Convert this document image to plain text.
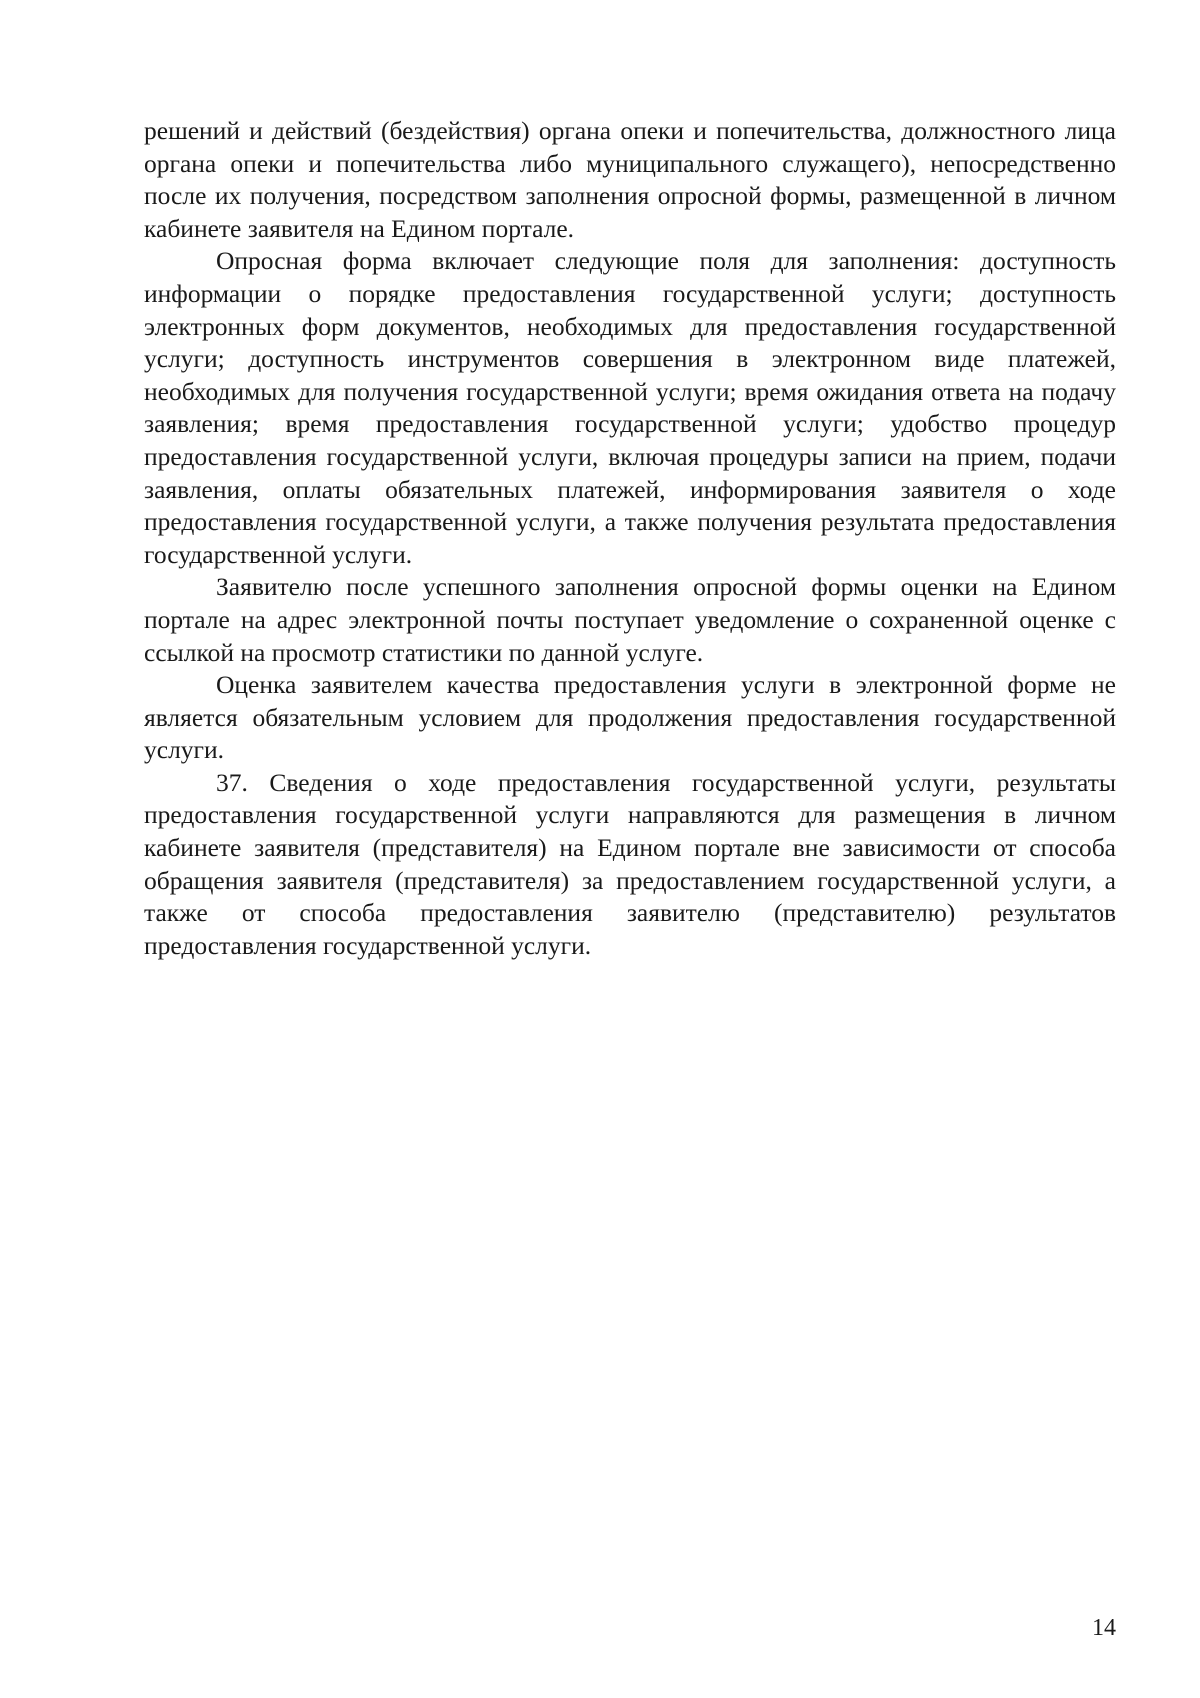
решений и действий (бездействия) органа опеки и попечительства, должностного лица органа опеки и попечительства либо муниципального служащего), непосредственно после их получения, посредством заполнения опросной формы, размещенной в личном кабинете заявителя на Едином портале.

Опросная форма включает следующие поля для заполнения: доступность информации о порядке предоставления государственной услуги; доступность электронных форм документов, необходимых для предоставления государственной услуги; доступность инструментов совершения в электронном виде платежей, необходимых для получения государственной услуги; время ожидания ответа на подачу заявления; время предоставления государственной услуги; удобство процедур предоставления государственной услуги, включая процедуры записи на прием, подачи заявления, оплаты обязательных платежей, информирования заявителя о ходе предоставления государственной услуги, а также получения результата предоставления государственной услуги.

Заявителю после успешного заполнения опросной формы оценки на Едином портале на адрес электронной почты поступает уведомление о сохраненной оценке с ссылкой на просмотр статистики по данной услуге.

Оценка заявителем качества предоставления услуги в электронной форме не является обязательным условием для продолжения предоставления государственной услуги.

37. Сведения о ходе предоставления государственной услуги, результаты предоставления государственной услуги направляются для размещения в личном кабинете заявителя (представителя) на Едином портале вне зависимости от способа обращения заявителя (представителя) за предоставлением государственной услуги, а также от способа предоставления заявителю (представителю) результатов предоставления государственной услуги.

14
